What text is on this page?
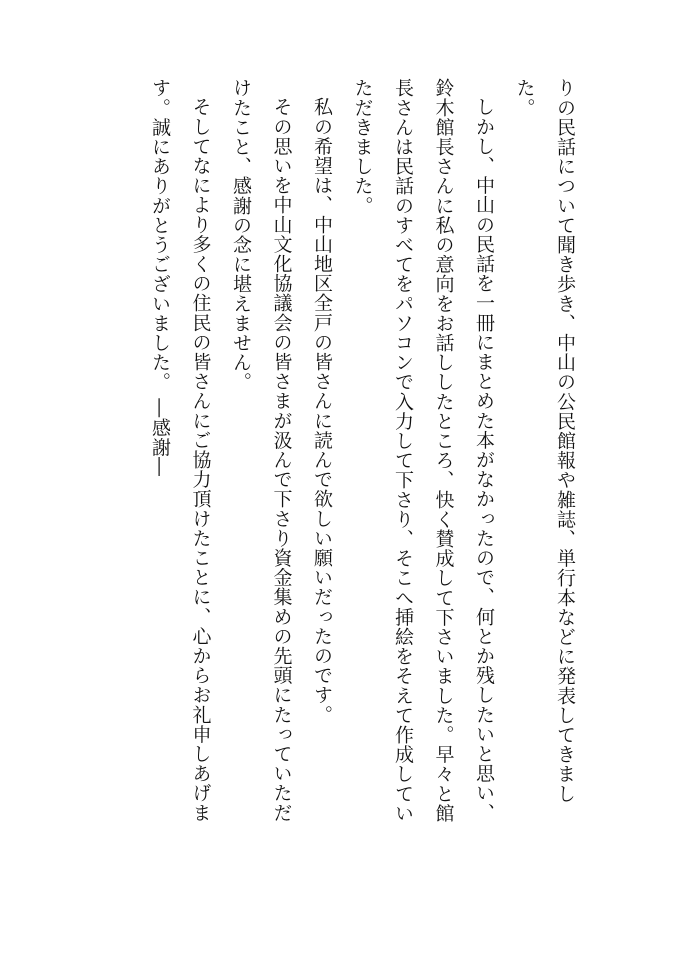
りの民話について聞き歩き、中山の公民館報や雑誌、単行本などに発表してきまし
た。
しかし、中山の民話を一冊にまとめた本がなかったので、何とか残したいと思い、
鈴木館長さんに私の意向をお話ししたところ、快く賛成して下さいました。早々と館
長さんは民話のすべてをパソコンで入力して下さり、そこへ挿絵をそえて作成してい
ただきました。
私の希望は、中山地区全戸の皆さんに読んで欲しい願いだったのです。
その思いを中山文化協議会の皆さまが汲んで下さり資金集めの先頭にたっていただ
けたこと、感謝の念に堪えません。
そしてなにより多くの住民の皆さんにご協力頂けたことに、心からお礼申しあげま
す。誠にありがとうございました。 ―感謝―
